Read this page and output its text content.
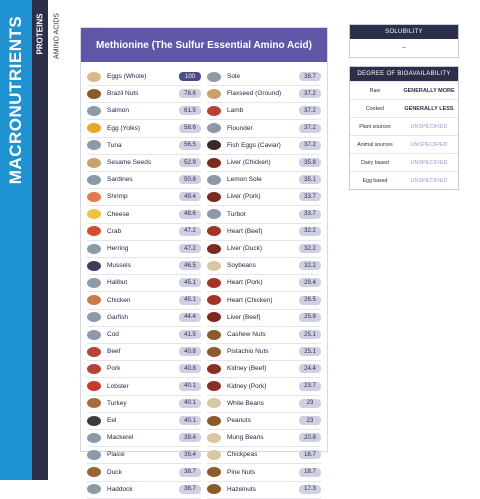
MACRONUTRIENTS PROTEINS AMINO ACIDS	Methionine (The Sulfur Essential Amino Acid)
Eggs (Whole)	100
Brazil Nuts	78.6
Salmon	61.5
Egg (Yolks)	58.6
Tuna	56.5
Sesame Seeds	52.9
Sardines	50.8
Shrimp	49.4
Cheese	48.6
Crab	47.2
Herring	47.2
Mussels	46.5
Halibut	45.1
Chicken	45.1
Garfish	44.4
Cod	41.5
Beef	40.8
Pork	40.8
Lobster	40.1
Turkey	40.1
Eel	40.1
Mackerel	39.4
Plaice	39.4
Duck	38.7
Haddock	38.7
Sole	38.7
Flaxseed (Ground)	37.2
Lamb	37.2
Flounder	37.2
Fish Eggs (Caviar)	37.2
Liver (Chicken)	35.8
Lemon Sole	35.1
Liver (Pork)	33.7
Turbot	33.7
Heart (Beef)	32.2
Liver (Duck)	32.2
Soybeans	32.2
Heart (Pork)	29.4
Heart (Chicken)	26.5
Liver (Beef)	25.8
Cashew Nuts	25.1
Pistachio Nuts	25.1
Kidney (Beef)	24.4
Kidney (Pork)	23.7
White Beans	23
Peanuts	23
Mung Beans	20.8
Chickpeas	18.7
Pine Nuts	18.7
Hazelnuts	17.3
SOLUBILITY
–
DEGREE OF BIOAVAILABILITY
Raw	GENERALLY MORE
Cooked	GENERALLY LESS
Plant sources	UNSPECIFIED
Animal sources	UNSPECIFIED
Dairy based	UNSPECIFIED
Egg based	UNSPECIFIED
